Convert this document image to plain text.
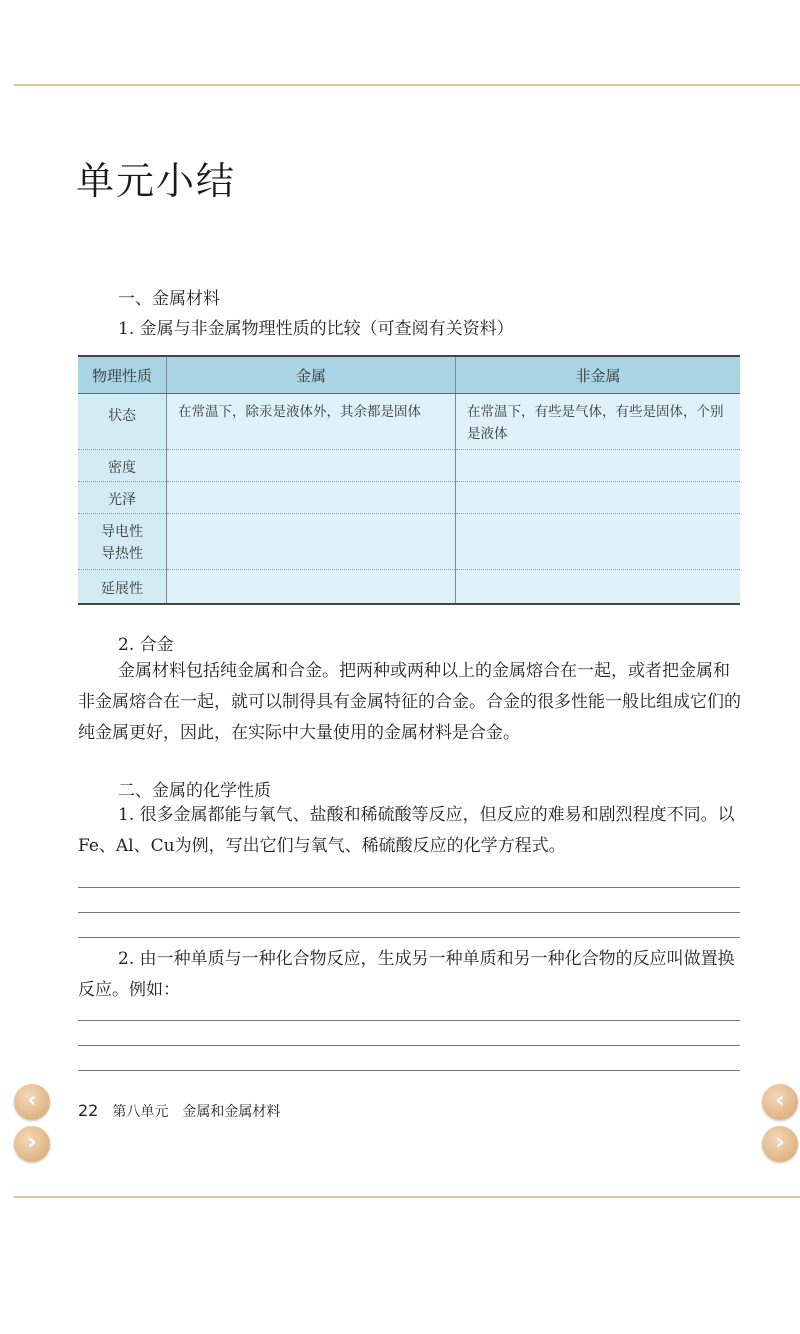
单元小结
一、金属材料
1. 金属与非金属物理性质的比较（可查阅有关资料）
物理性质	金属	非金属

状态	在常温下，除汞是液体外，其余都是固体	在常温下，有些是气体，有些是固体，个别是液体

密度		

光泽		

导电性
导热性		

延展性		

2. 合金

金属材料包括纯金属和合金。把两种或两种以上的金属熔合在一起，或者把金属和非金属熔合在一起，就可以制得具有金属特征的合金。合金的很多性能一般比组成它们的纯金属更好，因此，在实际中大量使用的金属材料是合金。

二、金属的化学性质

1. 很多金属都能与氧气、盐酸和稀硫酸等反应，但反应的难易和剧烈程度不同。以Fe、Al、Cu为例，写出它们与氧气、稀硫酸反应的化学方程式。

2. 由一种单质与一种化合物反应，生成另一种单质和另一种化合物的反应叫做置换反应。例如：

22 第八单元　金属和金属材料
‹
›
‹
›
